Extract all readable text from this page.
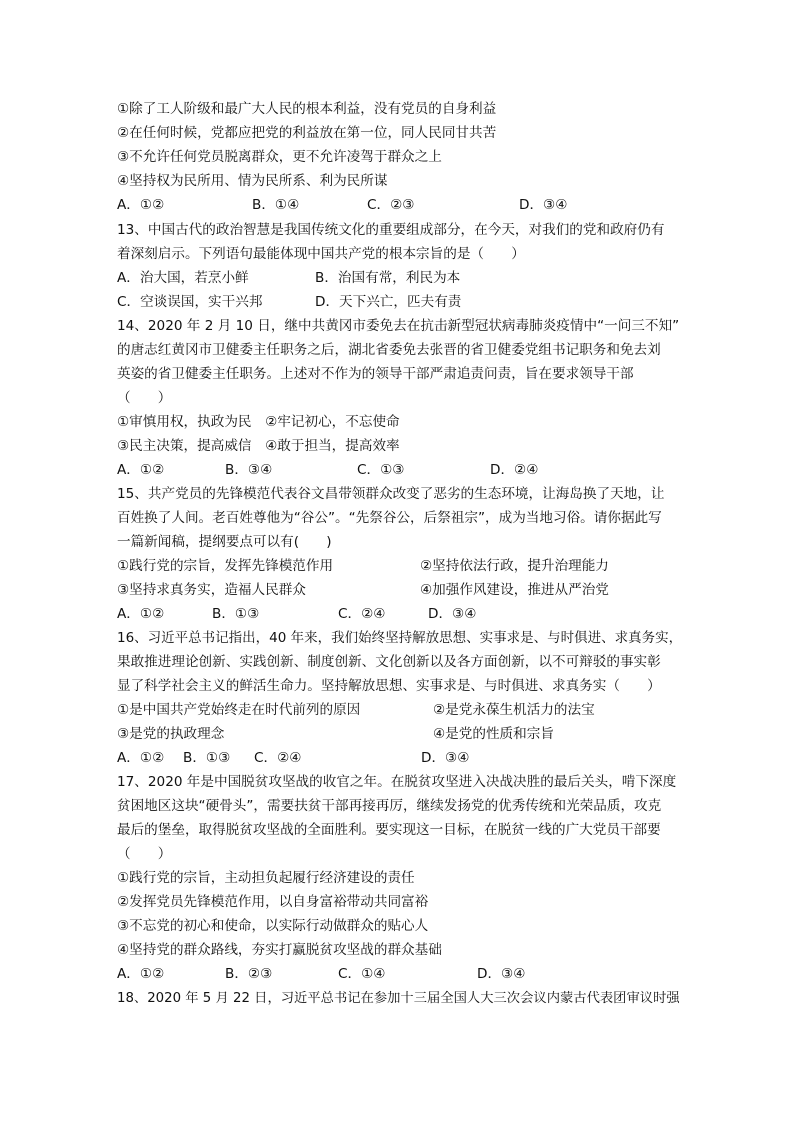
①除了工人阶级和最广大人民的根本利益，没有党员的自身利益
②在任何时候，党都应把党的利益放在第一位，同人民同甘共苦
③不允许任何党员脱离群众，更不允许凌驾于群众之上
④坚持权为民所用、情为民所系、利为民所谋
A．①②	B．①④	C．②③	D．③④
13、中国古代的政治智慧是我国传统文化的重要组成部分，在今天，对我们的党和政府仍有
着深刻启示。下列语句最能体现中国共产党的根本宗旨的是（　　）
A．治大国，若烹小鲜	B．治国有常，利民为本
C．空谈误国，实干兴邦	D．天下兴亡，匹夫有责
14、2020 年 2 月 10 日，继中共黄冈市委免去在抗击新型冠状病毒肺炎疫情中“一问三不知”
的唐志红黄冈市卫健委主任职务之后，湖北省委免去张晋的省卫健委党组书记职务和免去刘
英姿的省卫健委主任职务。上述对不作为的领导干部严肃追责问责，旨在要求领导干部
（　　）
①审慎用权，执政为民　②牢记初心，不忘使命
③民主决策，提高威信　④敢于担当，提高效率
A．①②	B．③④	C．①③	D．②④
15、共产党员的先锋模范代表谷文昌带领群众改变了恶劣的生态环境，让海岛换了天地，让
百姓换了人间。老百姓尊他为“谷公”。“先祭谷公，后祭祖宗”，成为当地习俗。请你据此写
一篇新闻稿，提纲要点可以有(　　)
①践行党的宗旨，发挥先锋模范作用	②坚持依法行政，提升治理能力
③坚持求真务实，造福人民群众	④加强作风建设，推进从严治党
A．①②	B．①③	C．②④	D．③④
16、习近平总书记指出，40 年来，我们始终坚持解放思想、实事求是、与时俱进、求真务实，
果敢推进理论创新、实践创新、制度创新、文化创新以及各方面创新，以不可辩驳的事实彰
显了科学社会主义的鲜活生命力。坚持解放思想、实事求是、与时俱进、求真务实（　　）
①是中国共产党始终走在时代前列的原因	②是党永葆生机活力的法宝
③是党的执政理念	④是党的性质和宗旨
A．①② B．①③ C．②④	D．③④
17、2020 年是中国脱贫攻坚战的收官之年。在脱贫攻坚进入决战决胜的最后关头，啃下深度
贫困地区这块“硬骨头”，需要扶贫干部再接再厉，继续发扬党的优秀传统和光荣品质，攻克
最后的堡垒，取得脱贫攻坚战的全面胜利。要实现这一目标，在脱贫一线的广大党员干部要
（　　）
①践行党的宗旨，主动担负起履行经济建设的责任
②发挥党员先锋模范作用，以自身富裕带动共同富裕
③不忘党的初心和使命，以实际行动做群众的贴心人
④坚持党的群众路线，夯实打赢脱贫攻坚战的群众基础
A．①②	B．②③	C．①④	D．③④
18、2020 年 5 月 22 日，习近平总书记在参加十三届全国人大三次会议内蒙古代表团审议时强
